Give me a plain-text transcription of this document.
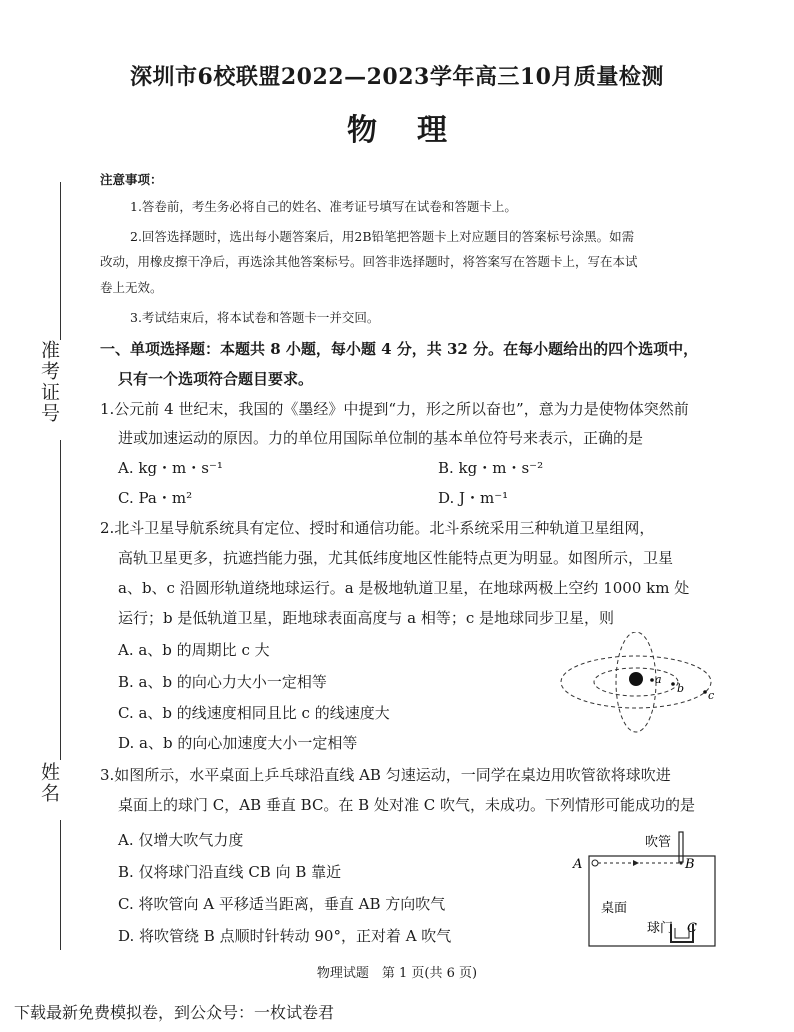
深圳市6校联盟2022—2023学年高三10月质量检测
物理
准考证号
姓名
注意事项：
1.答卷前，考生务必将自己的姓名、准考证号填写在试卷和答题卡上。
2.回答选择题时，选出每小题答案后，用2B铅笔把答题卡上对应题目的答案标号涂黑。如需
改动，用橡皮擦干净后，再选涂其他答案标号。回答非选择题时，将答案写在答题卡上，写在本试
卷上无效。
3.考试结束后，将本试卷和答题卡一并交回。
一、单项选择题：本题共 8 小题，每小题 4 分，共 32 分。在每小题给出的四个选项中，
只有一个选项符合题目要求。
1.公元前 4 世纪末，我国的《墨经》中提到“力，形之所以奋也”，意为力是使物体突然前
进或加速运动的原因。力的单位用国际单位制的基本单位符号来表示，正确的是
A. kg・m・s⁻¹	B. kg・m・s⁻²
C. Pa・m²	D. J・m⁻¹
2.北斗卫星导航系统具有定位、授时和通信功能。北斗系统采用三种轨道卫星组网，
高轨卫星更多，抗遮挡能力强，尤其低纬度地区性能特点更为明显。如图所示，卫星
a、b、c 沿圆形轨道绕地球运行。a 是极地轨道卫星，在地球两极上空约 1000 km 处
运行；b 是低轨道卫星，距地球表面高度与 a 相等；c 是地球同步卫星，则
A. a、b 的周期比 c 大
B. a、b 的向心力大小一定相等
C. a、b 的线速度相同且比 c 的线速度大
D. a、b 的向心加速度大小一定相等
a
b
c
3.如图所示，水平桌面上乒乓球沿直线 AB 匀速运动，一同学在桌边用吹管欲将球吹进
桌面上的球门 C，AB 垂直 BC。在 B 处对准 C 吹气，未成功。下列情形可能成功的是
A. 仅增大吹气力度
B. 仅将球门沿直线 CB 向 B 靠近
C. 将吹管向 A 平移适当距离，垂直 AB 方向吹气
D. 将吹管绕 B 点顺时针转动 90°，正对着 A 吹气
吹管
A	B
桌面
球门 C
物理试题　第 1 页(共 6 页)
下载最新免费模拟卷，到公众号：一枚试卷君
